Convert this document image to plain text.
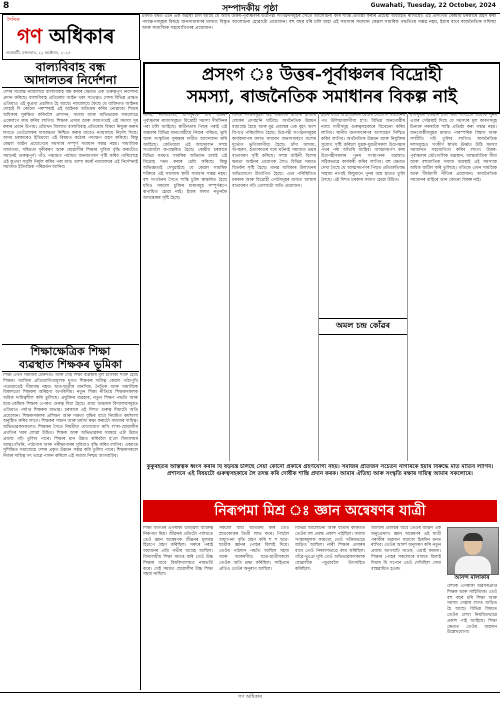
8	সম্পাদকীয় পৃষ্ঠা	Guwahati, Tuesday, 22 October, 2024
দৈনিক
গণ অধিকাৰ
গুৱাহাটী, মঙ্গলবাৰ, ২২ অক্টোবৰ, ২০২৪
চলিত বর্ষত এনে এক অৱস্থা চলি আছে যে আমি উত্তৰ-পূৰ্বাঞ্চলৰ উগ্ৰপন্থী সংগঠনসমূহৰ সৈতে আলোচনা কৰি শান্তি প্ৰতিষ্ঠা কৰাৰ প্ৰচেষ্টা অব্যাহত ৰাখিছোঁ। এই প্ৰসংগত কেন্দ্ৰীয় চৰকাৰে গ্ৰহণ কৰা পদক্ষেপসমূহৰ বিষয়ে জনসাধাৰণৰ মাজত বিস্তৃত আলোচনা হোৱাটো প্ৰয়োজন। বহু বছৰ ধৰি চলি অহা এই সমস্যাৰ সমাধান কেৱল সামৰিক পদ্ধতিৰে সম্ভৱ নহয়, ইয়াৰ বাবে ৰাজনৈতিক সদিচ্ছা আৰু সামাজিক সহযোগিতাৰ প্ৰয়োজন।
বাল্যবিবাহ বন্ধ
আদালতৰ নির্দেশনা
দেশৰ সর্বোচ্চ ন্যায়ালয়ে বাল্যবিবাহ বন্ধ কৰাৰ ক্ষেত্ৰত এক গুৰুত্বপূর্ণ নির্দেশনা প্ৰদান কৰিছে। বাল্যবিবাহ প্ৰতিৰোধ আইন থকা সত্ত্বেও দেশৰ বিভিন্ন প্ৰান্তত এতিয়াও এই কুপ্ৰথা প্ৰচলিত হৈ আছে। ন্যায়ালয়ে কৈছে যে ব্যক্তিগত আইনৰ দোহাই দি কোনো পৰম্পৰাই এই আইনক অতিক্ৰম কৰিব নোৱাৰে। শিশুৰ অধিকাৰ সুৰক্ষিত কৰিবলৈ প্ৰশাসন, সমাজ আৰু অভিভাৱক সকলোৱে একেলগে কাম কৰিব লাগিব। শিক্ষাৰ প্ৰসাৰ আৰু সজাগতাই এই সমস্যা দূৰ কৰাৰ প্ৰধান উপায়। প্ৰতিখন জিলাত বাল্যবিবাহ প্ৰতিৰোধ বিষয়া নিযুক্ত কৰাৰ লগতে তেওঁলোকৰ দায়বদ্ধতা নিশ্চিত কৰাৰ বাবেও ন্যায়ালয়ে নির্দেশ দিছে। অসম চৰকাৰেও ইতিমধ্যে এই বিষয়ত কঠোৰ পদক্ষেপ গ্ৰহণ কৰিছে। কিন্তু কেৱল আইন প্ৰয়োগেৰে সমস্যাৰ সম্পূর্ণ সমাধান সম্ভৱ নহয়। সামাজিক সজাগতা, দৰিদ্ৰতা দূৰীকৰণ আৰু ছোৱালীৰ শিক্ষাৰ সুবিধা বৃদ্ধি কৰাটোও সমানেই গুৰুত্বপূর্ণ। গাঁও পঞ্চায়ত পৰ্যায়ত জনজাগৰণ সৃষ্টি কৰিব পাৰিলেহে এই কুপ্ৰথা সমূলি নিৰ্মূল কৰিব পৰা যাব। আশা কৰোঁ ন্যায়ালয়ৰ এই নির্দেশনাই সমাজত ইতিবাচক পৰিৱৰ্তন আনিব।
শিক্ষাক্ষেত্ৰিক শিক্ষা
ব্যৱস্থাত শিক্ষকৰ ভূমিকা
শিক্ষা এখন সমাজৰ মেৰুদণ্ড। আৰু সেই শিক্ষা ব্যৱস্থাৰ মূল চালিকা শক্তি হৈছে শিক্ষক। আজিৰ প্ৰতিযোগিতামূলক যুগত শিক্ষকৰ দায়িত্ব কেৱল পাঠ্যপুথি পঢ়োৱাতেই সীমাবদ্ধ নহয়। ছাত্ৰ-ছাত্ৰীৰ মানসিক, নৈতিক আৰু সামাজিক বিকাশতো শিক্ষকৰ অৰিহণা অপৰিসীম। নতুন শিক্ষা নীতিয়ে শিক্ষকসকলক অধিক দায়িত্বশীল কৰি তুলিছে। প্ৰযুক্তিৰ ব্যৱহাৰ, নতুন শিক্ষণ পদ্ধতি আৰু ছাত্ৰ-কেন্দ্ৰিক শিক্ষাৰ ওপৰত গুৰুত্ব দিয়া হৈছে। গ্ৰাম্য অঞ্চলৰ বিদ্যালয়সমূহত এতিয়াও পৰ্যাপ্ত শিক্ষকৰ অভাৱ। চৰকাৰে এই দিশত গুৰুত্ব দিয়াটো অতি প্ৰয়োজন। শিক্ষকসকলৰ প্ৰশিক্ষণ আৰু দক্ষতা বৃদ্ধিৰ বাবে নিয়মিত কৰ্মশালা অনুষ্ঠিত কৰিব লাগে। শিক্ষকৰ সন্মান আৰু মৰ্যাদা ৰক্ষা কৰাটো সমাজৰ দায়িত্ব। অভিভাৱকসকলেও শিক্ষকৰ সৈতে নিয়মীয়া যোগাযোগ ৰাখি ল'ৰা-ছোৱালীৰ প্ৰগতিৰ খবৰ লোৱা উচিত। শিক্ষক আৰু অভিভাৱকৰ সমন্বয়ে এটা উন্নত প্ৰজন্ম গঢ়ি তুলিব পাৰে। শিক্ষাৰ মান উন্নত কৰিবলৈ হ'লে বিদ্যালয়ৰ আন্তঃগাঁথনি, পাঠাগাৰ আৰু পৰীক্ষাগাৰৰ সুবিধাও বৃদ্ধি কৰিব লাগিব। একমাত্ৰ সুশিক্ষিত সমাজেহে দেশৰ প্ৰকৃত উন্নয়ন সম্ভৱ কৰি তুলিব পাৰে। শিক্ষকসকলে নিজৰ দায়িত্ব সৎ ভাৱে পালন কৰিলে এই সমাজ নিশ্চয় আগবাঢ়িব।
প্ৰসংগ ঃ উত্তৰ-পূৰ্বাঞ্চলৰ বিদ্ৰোহী
সমস্যা, ৰাজনৈতিক সমাধানৰ বিকল্প নাই
অসম, নাগালেণ্ড, মণিপুৰকে ধৰি উত্তৰ-পূৰ্বাঞ্চলৰ ৰাজ্যসমূহত বিদ্ৰোহী সমস্যা দীৰ্ঘদিনৰ পৰা চলি আহিছে। স্বাধীনতাৰ পিছৰ পৰাই এই অঞ্চলৰ বিভিন্ন জনগোষ্ঠীয়ে নিজৰ পৰিচয়, ভূমি আৰু সংস্কৃতিৰ সুৰক্ষাৰ দাবীত আন্দোলন কৰি আহিছে। কেতিয়াবা এই আন্দোলন সশস্ত্ৰ সংগ্ৰামলৈ ৰূপান্তৰিত হৈছে। কেন্দ্ৰীয় চৰকাৰে বিভিন্ন সময়ত সামৰিক অভিযান চলাই এই বিদ্ৰোহ দমন কৰাৰ চেষ্টা কৰিছে। কিন্তু অভিজ্ঞতাই দেখুৱাইছে যে কেৱল সামৰিক শক্তিৰে এই সমস্যাৰ স্থায়ী সমাধান সম্ভৱ নহয়। বহু সংগঠনৰ সৈতে শান্তি চুক্তি স্বাক্ষৰিত হৈছে যদিও সকলো চুক্তিৰ ধাৰাসমূহ সম্পূৰ্ণৰূপে ৰূপায়িত হোৱা নাই। ইয়াৰ ফলত নতুনকৈ অসন্তোষৰ সৃষ্টি হৈছে।
বিগত দশকসমূহত এই অঞ্চলত হাজাৰ হাজাৰ লোকৰ প্ৰাণহানি ঘটিছে। অৰ্থনৈতিক উন্নয়ন বাধাগ্ৰস্ত হৈছে আৰু যুৱ প্ৰজন্মৰ এক বৃহৎ অংশ বিপথে পৰিচালিত হৈছে। উগ্ৰপন্থী সংগঠনসমূহৰ কাৰ্যকলাপৰ ফলত সাধাৰণ জনসাধাৰণে অশেষ দুৰ্ভোগ ভুগিবলগীয়া হৈছে। চাঁদা আদায়, অপহৰণ, হত্যাকাণ্ডৰ দৰে ঘটনাই সমাজত ভয়ৰ বাতাবৰণ সৃষ্টি কৰিছে। সশস্ত্ৰ বাহিনী বিশেষ ক্ষমতা আইনৰ প্ৰয়োগক লৈও বিভিন্ন সময়ত বিতৰ্কৰ সৃষ্টি হৈছে। মানৱ অধিকাৰ উলংঘনৰ অভিযোগো উত্থাপিত হৈছে। এনে পৰিস্থিতিত চৰকাৰ আৰু বিদ্ৰোহী গোটসমূহৰ মাজত আস্থাৰ বাতাবৰণ গঢ়ি তোলাটো অতি প্ৰয়োজন।
ইয়াৰ বাবে আলোচনাৰ মেজৰ যোগেদি সমাধানৰ পথ উলিয়াবলগীয়া হ'ব। বিভিন্ন জনগোষ্ঠীৰ ন্যায্য দাবীসমূহ গুৰুত্বসহকাৰে বিবেচনা কৰিব লাগিব। স্থানীয় জনসাধাৰণৰ অংশগ্ৰহণ নিশ্চিত কৰিব লাগিব। অৰ্থনৈতিক উন্নয়ন আৰু নিযুক্তিৰ সুযোগ সৃষ্টি কৰিলে যুৱক-যুৱতীসকল উগ্ৰপন্থাৰ পথৰ পৰা আঁতৰি আহিব। আত্মসমৰ্পণ কৰা উগ্ৰপন্থীসকলৰ পুনৰ সংস্থাপনৰ ব্যৱস্থাও সঠিকভাৱে কাৰ্যকৰী কৰিব লাগিব। বহু ক্ষেত্ৰত দেখা গৈছে যে আত্মসমৰ্পণৰ পিছত প্ৰতিশ্ৰুতিবদ্ধ সাহায্য নাপাই কিছুমানে পুনৰ অস্ত্ৰ হাতত তুলি লৈছে। এই দিশত চৰকাৰ সজাগ হোৱা উচিত।
মণিপুৰত বৰ্তমান চলি থকা সংঘাতে আমাক পুনৰ এবাৰ সোঁৱৰাই দিছে যে সমস্যাৰ মূল কাৰণসমূহ চিনাক্ত নকৰাকৈ শান্তি প্ৰতিষ্ঠা কৰা সম্ভৱ নহয়। জনগোষ্ঠীসমূহৰ মাজত পাৰস্পৰিক বিশ্বাস আৰু সম্প্ৰীতি গঢ়ি তুলিব লাগিব। ৰাজনৈতিক দলসমূহেও সংকীৰ্ণ স্বাৰ্থৰ ঊৰ্ধ্বত উঠি সমস্যা সমাধানত সহযোগিতা কৰিব লাগে। উত্তৰ-পূৰ্বাঞ্চলৰ ভৌগোলিক অৱস্থান, আন্তৰ্জাতিক সীমা আৰু বহুজাতিক সমাজ ব্যৱস্থাই এই সমস্যাক অধিক জটিল কৰি তুলিছে। গতিকে এখন সামগ্ৰিক আৰু দীৰ্ঘম্যাদী নীতিৰ প্ৰয়োজন। ৰাজনৈতিক সমাধানৰ বাহিৰে আন কোনো বিকল্প নাই।
অমল চন্দ্ৰ কোঁৱৰ
কুকুৰহতৰ অস্তিত্বক ধ্বংস কৰাৰ যি ষড়যন্ত্ৰ চলিছে সেয়া কোনো প্ৰকাৰে গ্ৰহণযোগ্য নহয়। সমাজৰ প্ৰতিজন সচেতন নাগৰিকে ইয়াৰ বিৰুদ্ধে মাত মাতিব লাগিব। প্ৰশাসনে এই বিষয়টো গুৰুত্বসহকাৰে লৈ তদন্ত কৰি দোষীক শাস্তি প্ৰদান কৰক। আমাৰ ঐতিহ্য আৰু সংস্কৃতি ৰক্ষাৰ দায়িত্ব আমাৰ সকলোৰে।
নিৰূপমা মিশ্ৰ ঃ জ্ঞান অন্বেষণৰ যাত্ৰী
শিক্ষা জগতৰ এগৰাকী উজ্জ্বল ব্যক্তিত্ব নিৰূপমা মিশ্ৰ। জীৱনৰ প্ৰতিটো পৰ্যায়তে তেওঁ জ্ঞান অন্বেষণক জীৱনৰ মূলমন্ত্ৰ হিচাপে গ্ৰহণ কৰিছিল। সৰুৰে পৰাই অধ্যয়নৰ প্ৰতি গভীৰ আগ্ৰহ আছিল। বিদ্যালয়ীয় শিক্ষা সমাপ্ত কৰি তেওঁ উচ্চ শিক্ষাৰ বাবে বিশ্ববিদ্যালয়ত নামভৰ্তি কৰে। সেই সময়ত ছোৱালীৰ উচ্চ শিক্ষা সহজ নাছিল।
সকলো বাধা অতিক্ৰম কৰি তেওঁ স্নাতকোত্তৰ ডিগ্ৰী লাভ কৰে। পিছলৈ অধ্যাপনা বৃত্তি গ্ৰহণ কৰি শ শ ছাত্ৰ-ছাত্ৰীক জ্ঞানৰ পোহৰ বিলাই দিয়ে। তেওঁৰ পাঠদান পদ্ধতি আছিল সহজ আৰু আকৰ্ষণীয়। ছাত্ৰ-ছাত্ৰীসকলে তেওঁক অতি শ্ৰদ্ধা কৰিছিল। সাহিত্যৰ প্ৰতিও তেওঁৰ অনুৰাগ আছিল।
বিভিন্ন আলোচনী আৰু বাতৰি কাকতত তেওঁৰ বহু প্ৰবন্ধ প্ৰকাশ পাইছিল। সমাজ সংস্কাৰমূলক কামতো তেওঁ সক্ৰিয়ভাৱে জড়িত আছিল। নাৰী শিক্ষাৰ প্ৰসাৰৰ বাবে তেওঁ নিৰলসভাৱে কাম কৰিছিল। গাঁৱে-ভূঞে ঘূৰি তেওঁ অভিভাৱকসকলক ছোৱালীক পঢ়ুৱাবলৈ উৎসাহিত কৰিছিল।
আজিৰ প্ৰজন্মৰ বাবে তেওঁৰ জীৱন এক অনুপ্ৰেৰণা। জ্ঞান অন্বেষণৰ এই যাত্ৰী গৰাকীৰ অৱদান সমাজে চিৰদিন মনত ৰাখিব। তেওঁৰ আদৰ্শ অনুসৰণ কৰি নতুন প্ৰজন্ম আগবাঢ়ি যাওক, এয়াই কামনা। শিক্ষাৰ পোহৰ সকলোৰে মাজত বিলাই দিয়াৰ যি সপোন তেওঁ দেখিছিল সেয়া বাস্তৱায়িত হওক।
আনন্দ মালাকাৰ
লেখক এগৰাকী অৱসৰপ্ৰাপ্ত শিক্ষক আৰু সাহিত্যিক। তেওঁ বহু বছৰ ধৰি শিক্ষা আৰু সমাজ সেৱাৰ লগত জড়িত হৈ আছে। বিভিন্ন বিষয়ত তেওঁৰ লেখা নিয়মিতভাৱে প্ৰকাশ পাই আহিছে। শিক্ষা ক্ষেত্ৰত তেওঁৰ অৱদান উল্লেখযোগ্য।
গণ অধিকাৰ
